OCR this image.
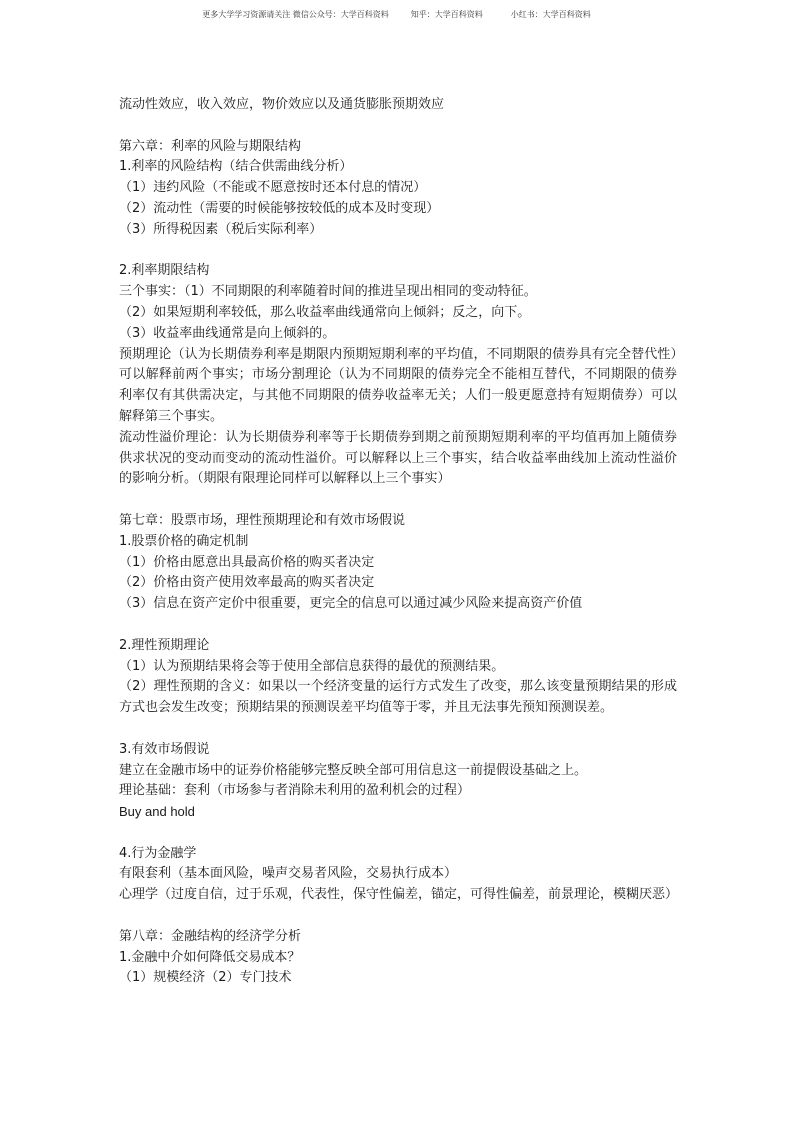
更多大学学习资源请关注 微信公众号：大学百科资料	知乎：大学百科资料	小红书：大学百科资料
流动性效应，收入效应，物价效应以及通货膨胀预期效应
第六章：利率的风险与期限结构
1.利率的风险结构（结合供需曲线分析）
（1）违约风险（不能或不愿意按时还本付息的情况）
（2）流动性（需要的时候能够按较低的成本及时变现）
（3）所得税因素（税后实际利率）
2.利率期限结构
三个事实：（1）不同期限的利率随着时间的推进呈现出相同的变动特征。
（2）如果短期利率较低，那么收益率曲线通常向上倾斜；反之，向下。
（3）收益率曲线通常是向上倾斜的。
预期理论（认为长期债券利率是期限内预期短期利率的平均值，不同期限的债券具有完全替代性）可以解释前两个事实；市场分割理论（认为不同期限的债券完全不能相互替代，不同期限的债券利率仅有其供需决定，与其他不同期限的债券收益率无关；人们一般更愿意持有短期债券）可以解释第三个事实。
流动性溢价理论：认为长期债券利率等于长期债券到期之前预期短期利率的平均值再加上随债券供求状况的变动而变动的流动性溢价。可以解释以上三个事实，结合收益率曲线加上流动性溢价的影响分析。（期限有限理论同样可以解释以上三个事实）
第七章：股票市场，理性预期理论和有效市场假说
1.股票价格的确定机制
（1）价格由愿意出具最高价格的购买者决定
（2）价格由资产使用效率最高的购买者决定
（3）信息在资产定价中很重要，更完全的信息可以通过减少风险来提高资产价值
2.理性预期理论
（1）认为预期结果将会等于使用全部信息获得的最优的预测结果。
（2）理性预期的含义：如果以一个经济变量的运行方式发生了改变，那么该变量预期结果的形成方式也会发生改变；预期结果的预测误差平均值等于零，并且无法事先预知预测误差。
3.有效市场假说
建立在金融市场中的证券价格能够完整反映全部可用信息这一前提假设基础之上。
理论基础：套利（市场参与者消除未利用的盈利机会的过程）
Buy and hold
4.行为金融学
有限套利（基本面风险，噪声交易者风险，交易执行成本）
心理学（过度自信，过于乐观，代表性，保守性偏差，锚定，可得性偏差，前景理论，模糊厌恶）
第八章：金融结构的经济学分析
1.金融中介如何降低交易成本？
（1）规模经济（2）专门技术
